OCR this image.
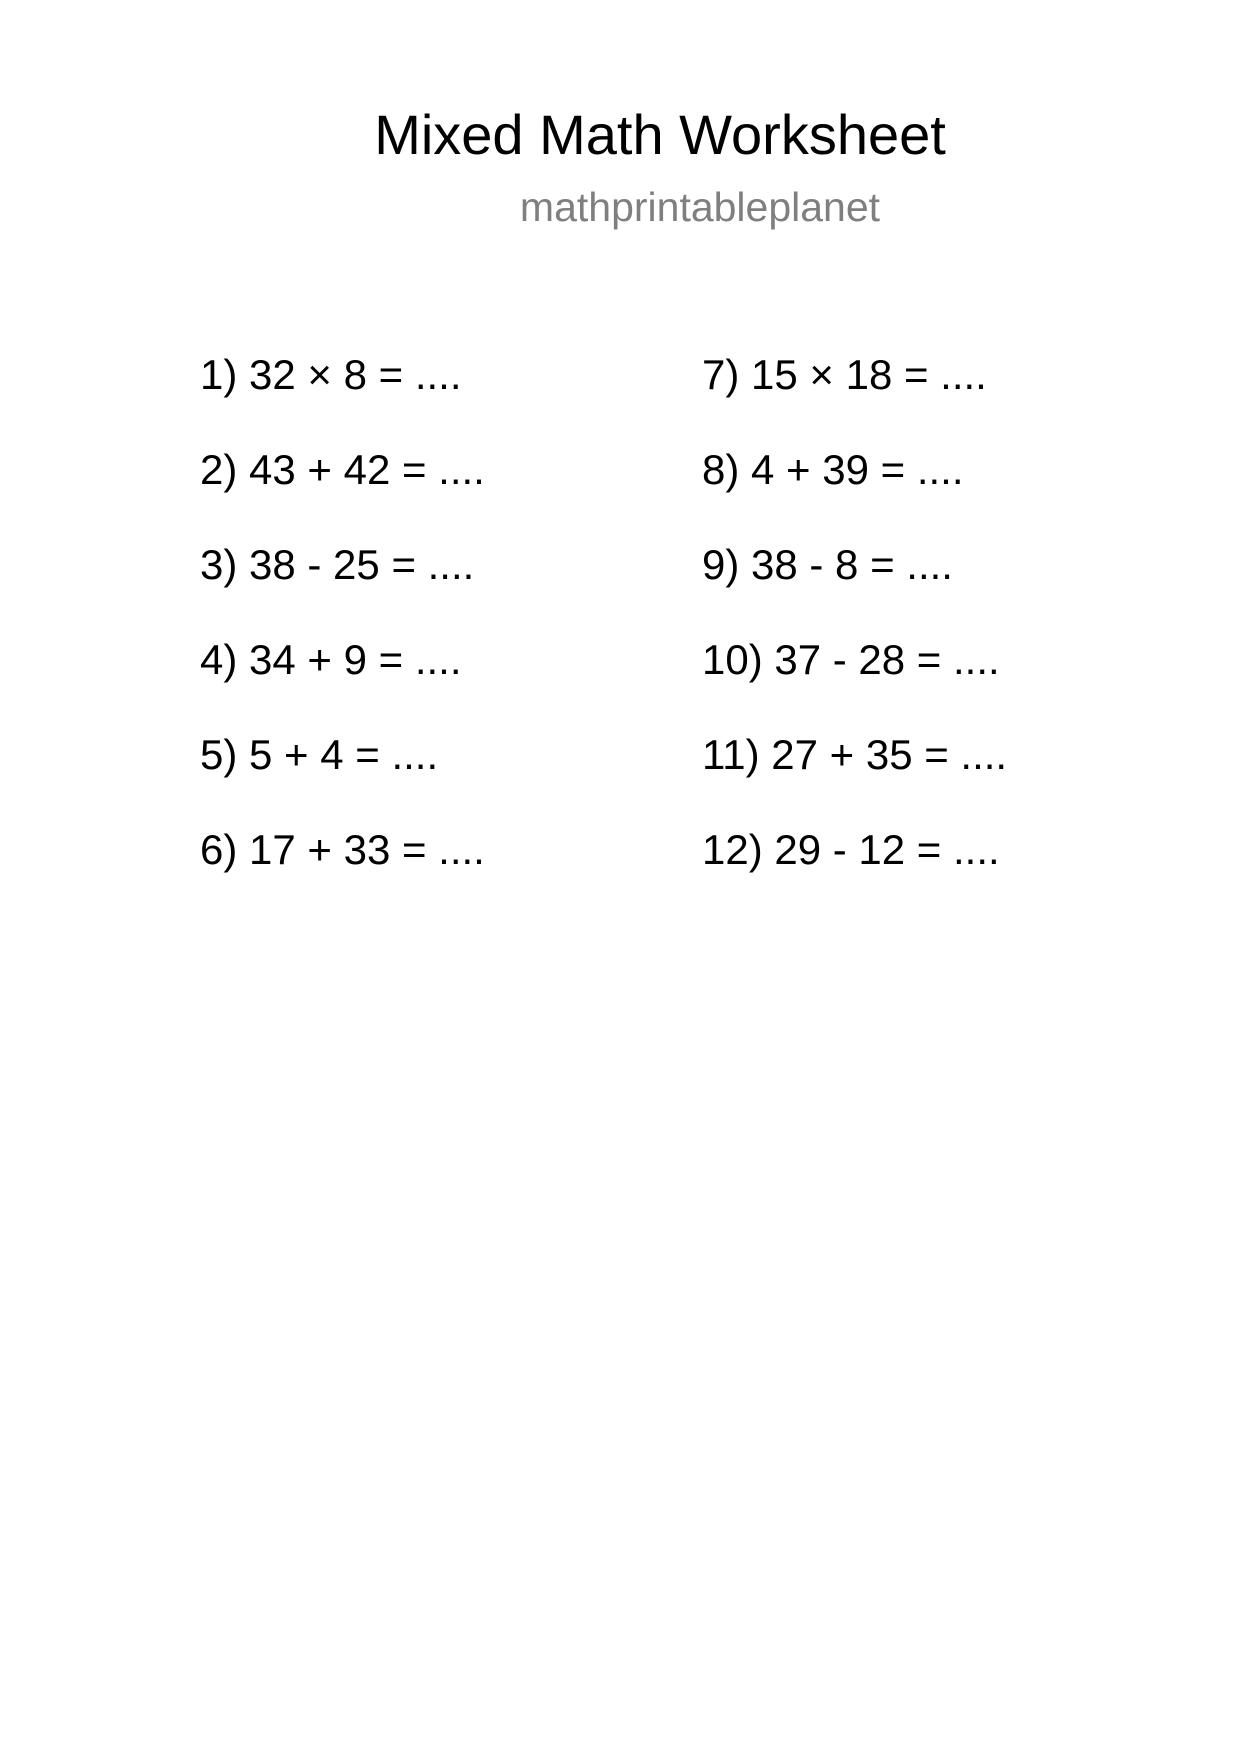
Mixed Math Worksheet
mathprintableplanet
1) 32 × 8 = ....
2) 43 + 42 = ....
3) 38 - 25 = ....
4) 34 + 9 = ....
5) 5 + 4 = ....
6) 17 + 33 = ....
7) 15 × 18 = ....
8) 4 + 39 = ....
9) 38 - 8 = ....
10) 37 - 28 = ....
11) 27 + 35 = ....
12) 29 - 12 = ....
